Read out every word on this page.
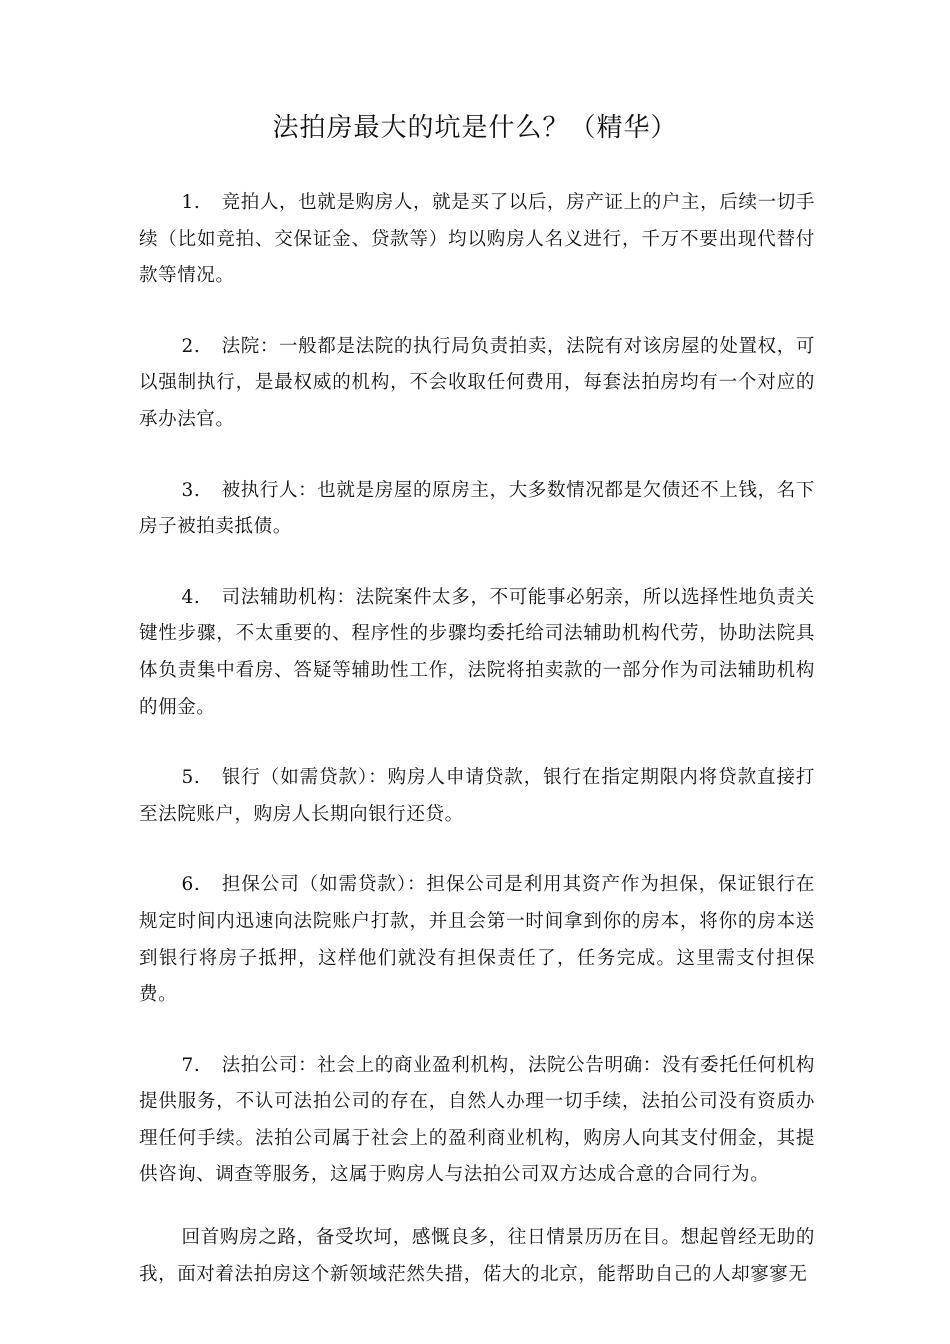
法拍房最大的坑是什么？（精华）

1. 竞拍人，也就是购房人，就是买了以后，房产证上的户主，后续一切手续（比如竞拍、交保证金、贷款等）均以购房人名义进行，千万不要出现代替付款等情况。

2. 法院：一般都是法院的执行局负责拍卖，法院有对该房屋的处置权，可以强制执行，是最权威的机构，不会收取任何费用，每套法拍房均有一个对应的承办法官。

3. 被执行人：也就是房屋的原房主，大多数情况都是欠债还不上钱，名下房子被拍卖抵债。

4. 司法辅助机构：法院案件太多，不可能事必躬亲，所以选择性地负责关键性步骤，不太重要的、程序性的步骤均委托给司法辅助机构代劳，协助法院具体负责集中看房、答疑等辅助性工作，法院将拍卖款的一部分作为司法辅助机构的佣金。

5. 银行（如需贷款）：购房人申请贷款，银行在指定期限内将贷款直接打至法院账户，购房人长期向银行还贷。

6. 担保公司（如需贷款）：担保公司是利用其资产作为担保，保证银行在规定时间内迅速向法院账户打款，并且会第一时间拿到你的房本，将你的房本送到银行将房子抵押，这样他们就没有担保责任了，任务完成。这里需支付担保费。

7. 法拍公司：社会上的商业盈利机构，法院公告明确：没有委托任何机构提供服务，不认可法拍公司的存在，自然人办理一切手续，法拍公司没有资质办理任何手续。法拍公司属于社会上的盈利商业机构，购房人向其支付佣金，其提供咨询、调查等服务，这属于购房人与法拍公司双方达成合意的合同行为。

回首购房之路，备受坎坷，感慨良多，往日情景历历在目。想起曾经无助的我，面对着法拍房这个新领域茫然失措，偌大的北京，能帮助自己的人却寥寥无
